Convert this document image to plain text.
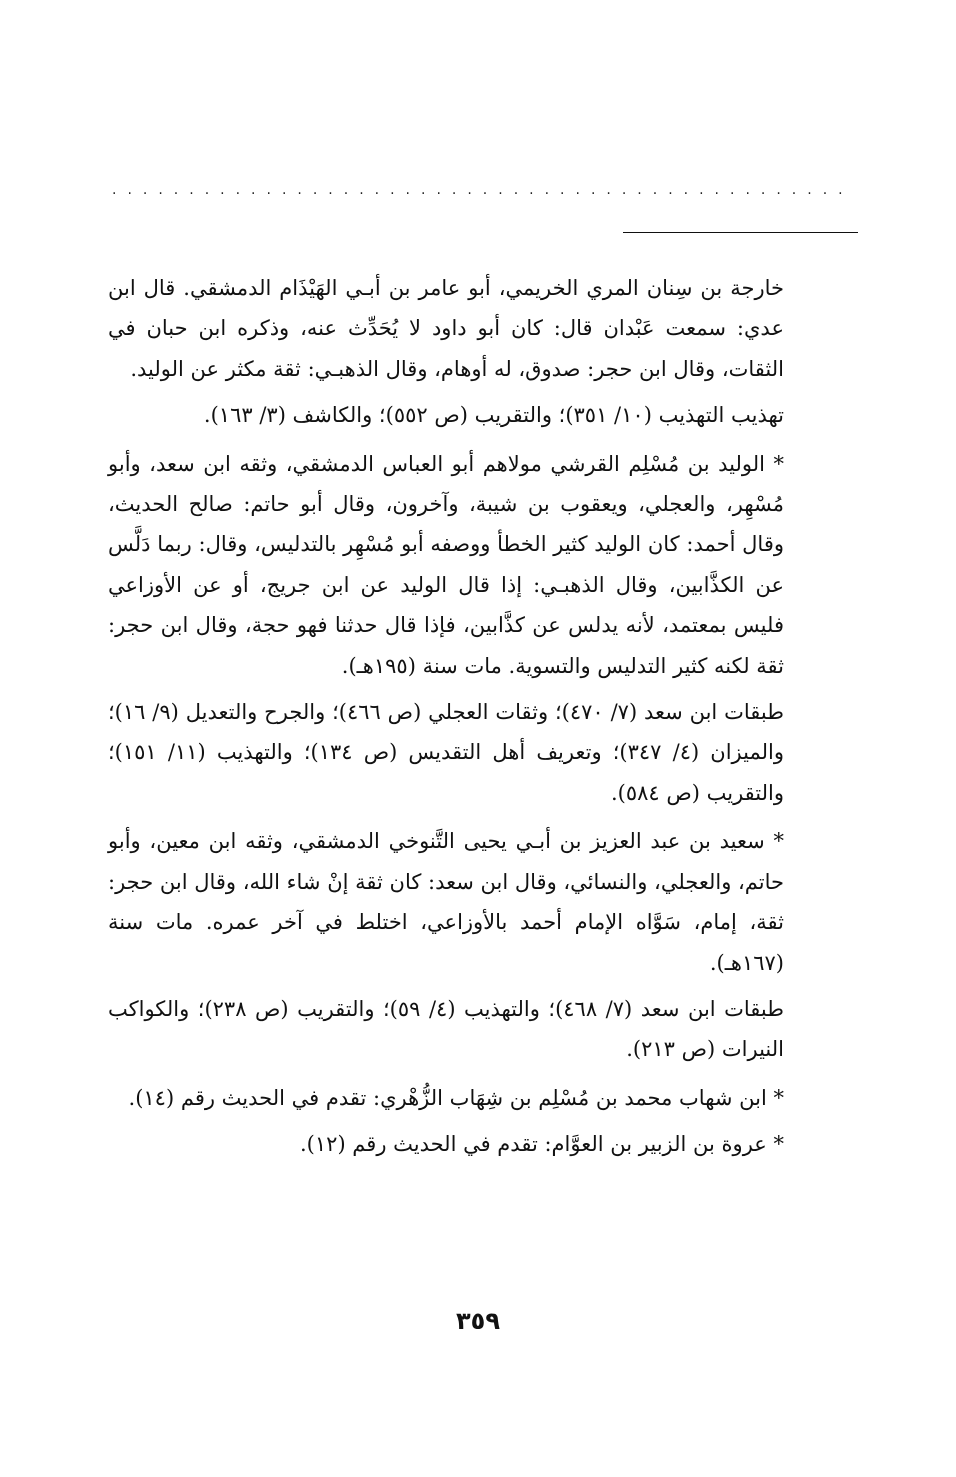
................................................

خارجة بن سِنان المري الخريمي، أبو عامر بن أبـي الهَيْذَام الدمشقي. قال ابن عدي: سمعت عَبْدان قال: كان أبو داود لا يُحَدِّث عنه، وذكره ابن حبان في الثقات، وقال ابن حجر: صدوق، له أوهام، وقال الذهبـي: ثقة مكثر عن الوليد.

تهذيب التهذيب (١٠/ ٣٥١)؛ والتقريب (ص ٥٥٢)؛ والكاشف (٣/ ١٦٣).

* الوليد بن مُسْلِم القرشي مولاهم أبو العباس الدمشقي، وثقه ابن سعد، وأبو مُسْهِر، والعجلي، ويعقوب بن شيبة، وآخرون، وقال أبو حاتم: صالح الحديث، وقال أحمد: كان الوليد كثير الخطأ ووصفه أبو مُسْهِر بالتدليس، وقال: ربما دَلَّس عن الكذَّابين، وقال الذهبـي: إذا قال الوليد عن ابن جريج، أو عن الأوزاعي فليس بمعتمد، لأنه يدلس عن كذَّابين، فإذا قال حدثنا فهو حجة، وقال ابن حجر: ثقة لكنه كثير التدليس والتسوية. مات سنة (١٩٥هـ).

طبقات ابن سعد (٧/ ٤٧٠)؛ وثقات العجلي (ص ٤٦٦)؛ والجرح والتعديل (٩/ ١٦)؛ والميزان (٤/ ٣٤٧)؛ وتعريف أهل التقديس (ص ١٣٤)؛ والتهذيب (١١/ ١٥١)؛ والتقريب (ص ٥٨٤).

* سعيد بن عبد العزيز بن أبـي يحيى التَّنوخي الدمشقي، وثقه ابن معين، وأبو حاتم، والعجلي، والنسائي، وقال ابن سعد: كان ثقة إنْ شاء الله، وقال ابن حجر: ثقة، إمام، سَوَّاه الإمام أحمد بالأوزاعي، اختلط في آخر عمره. مات سنة (١٦٧هـ).

طبقات ابن سعد (٧/ ٤٦٨)؛ والتهذيب (٤/ ٥٩)؛ والتقريب (ص ٢٣٨)؛ والكواكب النيرات (ص ٢١٣).

* ابن شهاب محمد بن مُسْلِم بن شِهَاب الزُّهْري: تقدم في الحديث رقم (١٤).

* عروة بن الزبير بن العوَّام: تقدم في الحديث رقم (١٢).

٣٥٩
